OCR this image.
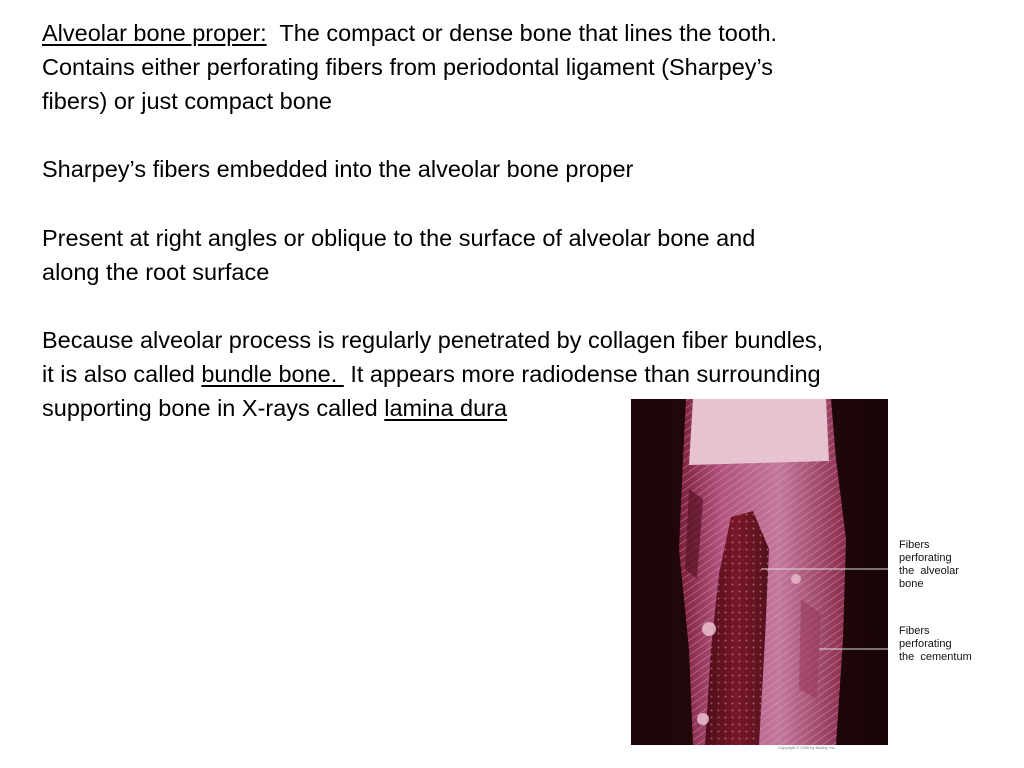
Alveolar bone proper:  The compact or dense bone that lines the tooth.
Contains either perforating fibers from periodontal ligament (Sharpey’s
fibers) or just compact bone

Sharpey’s fibers embedded into the alveolar bone proper

Present at right angles or oblique to the surface of alveolar bone and
along the root surface

Because alveolar process is regularly penetrated by collagen fiber bundles,
it is also called bundle bone.  It appears more radiodense than surrounding
supporting bone in X-rays called lamina dura

Fibers
perforating
the  alveolar
bone
Fibers
perforating
the  cementum
Copyright © 2006 by Mosby, Inc.
